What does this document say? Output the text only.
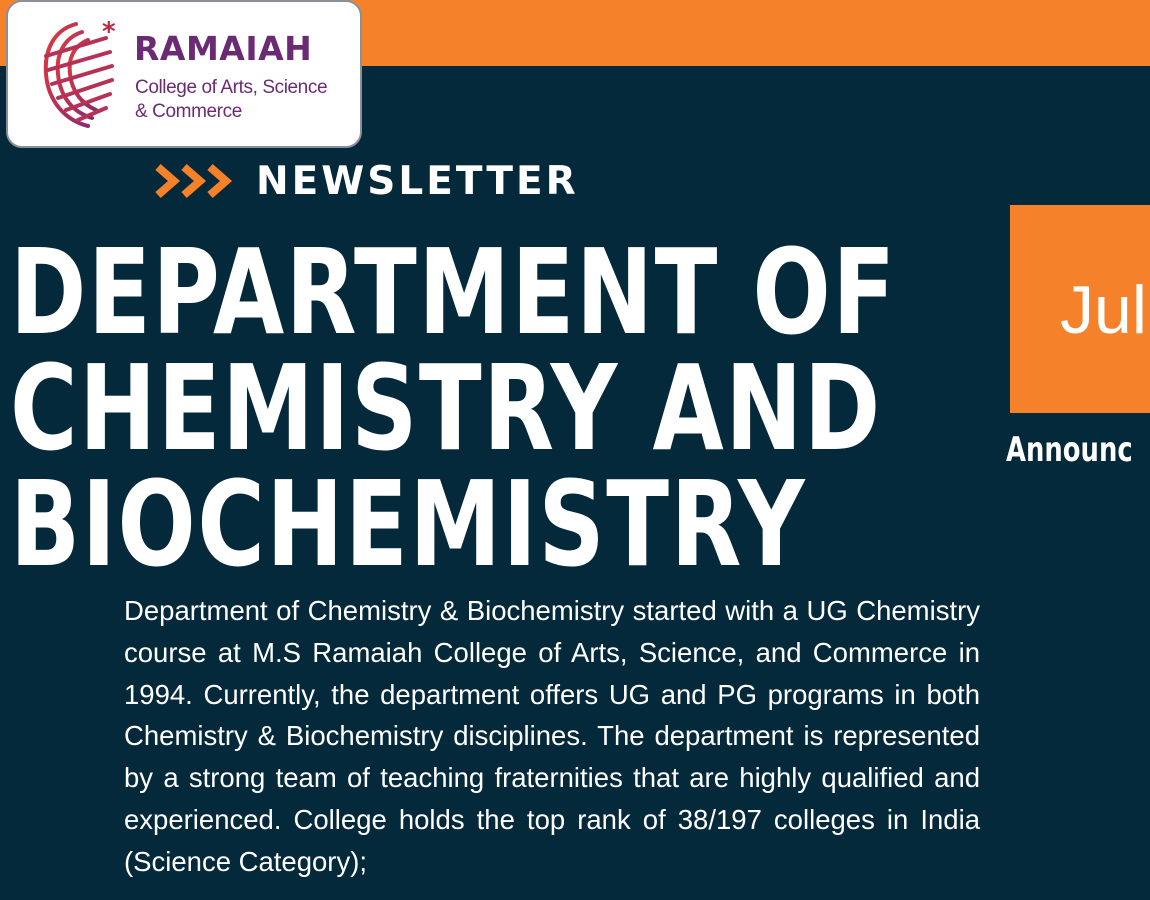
* RAMAIAH

College of Arts, Science
& Commerce
NEWSLETTER
DEPARTMENT OF
CHEMISTRY AND
BIOCHEMISTRY

Department of Chemistry & Biochemistry started with a UG Chemistry course at M.S Ramaiah College of Arts, Science, and Commerce in 1994. Currently, the department offers UG and PG programs in both Chemistry & Biochemistry disciplines. The department is represented by a strong team of teaching fraternities that are highly qualified and experienced. College holds the top rank of 38/197 colleges in India (Science Category);

Jul
Announc
